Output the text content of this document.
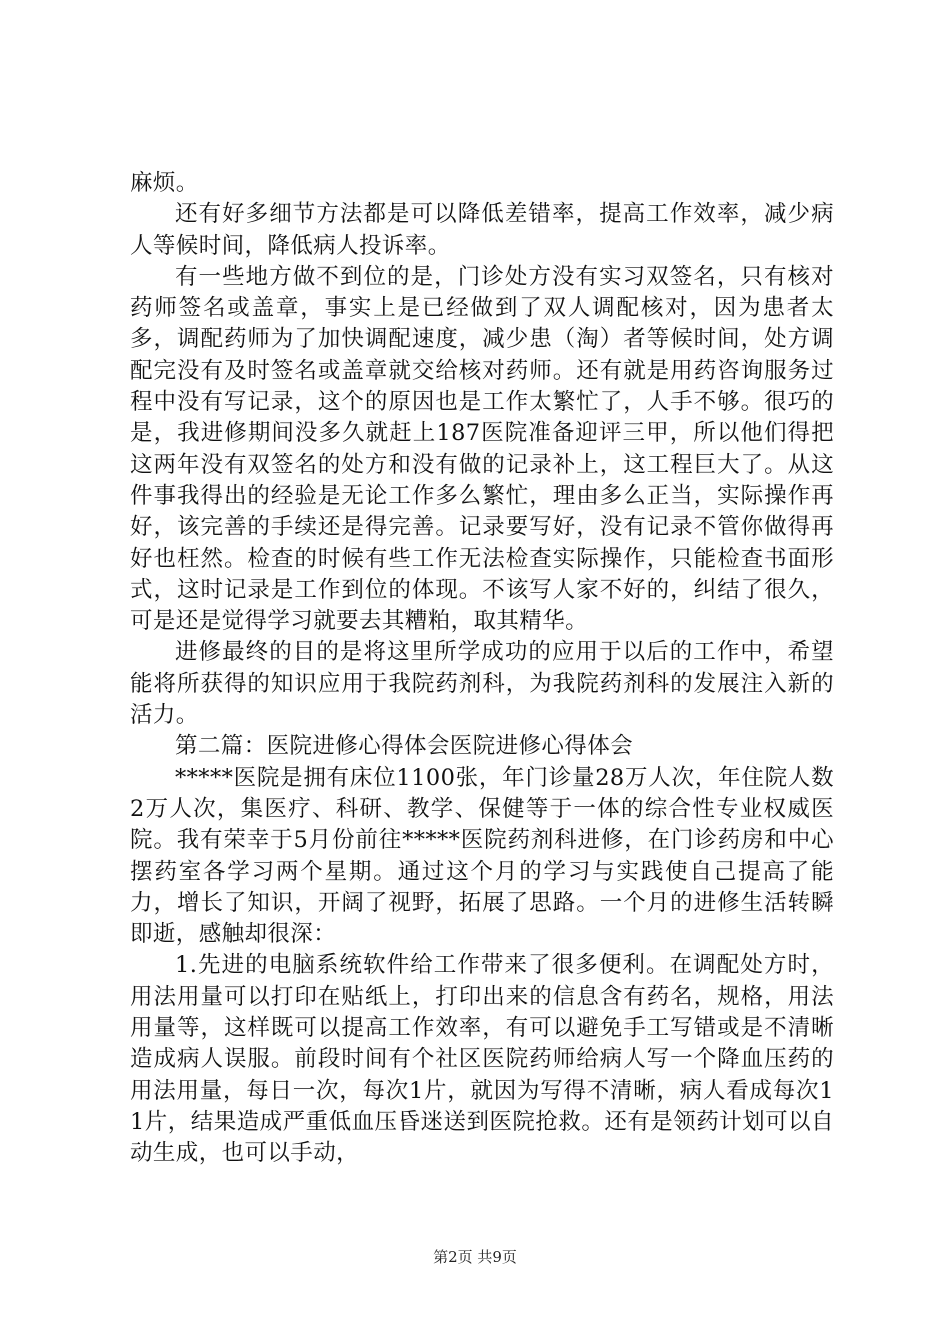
麻烦。

还有好多细节方法都是可以降低差错率，提高工作效率，减少病人等候时间，降低病人投诉率。

有一些地方做不到位的是，门诊处方没有实习双签名，只有核对药师签名或盖章，事实上是已经做到了双人调配核对，因为患者太多，调配药师为了加快调配速度，减少患（淘）者等候时间，处方调配完没有及时签名或盖章就交给核对药师。还有就是用药咨询服务过程中没有写记录，这个的原因也是工作太繁忙了，人手不够。很巧的是，我进修期间没多久就赶上187医院准备迎评三甲，所以他们得把这两年没有双签名的处方和没有做的记录补上，这工程巨大了。从这件事我得出的经验是无论工作多么繁忙，理由多么正当，实际操作再好，该完善的手续还是得完善。记录要写好，没有记录不管你做得再好也枉然。检查的时候有些工作无法检查实际操作，只能检查书面形式，这时记录是工作到位的体现。不该写人家不好的，纠结了很久，可是还是觉得学习就要去其糟粕，取其精华。

进修最终的目的是将这里所学成功的应用于以后的工作中，希望能将所获得的知识应用于我院药剂科，为我院药剂科的发展注入新的活力。

第二篇：医院进修心得体会医院进修心得体会

*****医院是拥有床位1100张，年门诊量28万人次，年住院人数2万人次，集医疗、科研、教学、保健等于一体的综合性专业权威医院。我有荣幸于5月份前往*****医院药剂科进修，在门诊药房和中心摆药室各学习两个星期。通过这个月的学习与实践使自己提高了能力，增长了知识，开阔了视野，拓展了思路。一个月的进修生活转瞬即逝，感触却很深：

1.先进的电脑系统软件给工作带来了很多便利。在调配处方时，用法用量可以打印在贴纸上，打印出来的信息含有药名，规格，用法用量等，这样既可以提高工作效率，有可以避免手工写错或是不清晰造成病人误服。前段时间有个社区医院药师给病人写一个降血压药的用法用量，每日一次，每次1片，就因为写得不清晰，病人看成每次11片，结果造成严重低血压昏迷送到医院抢救。还有是领药计划可以自动生成，也可以手动，

第2页 共9页
